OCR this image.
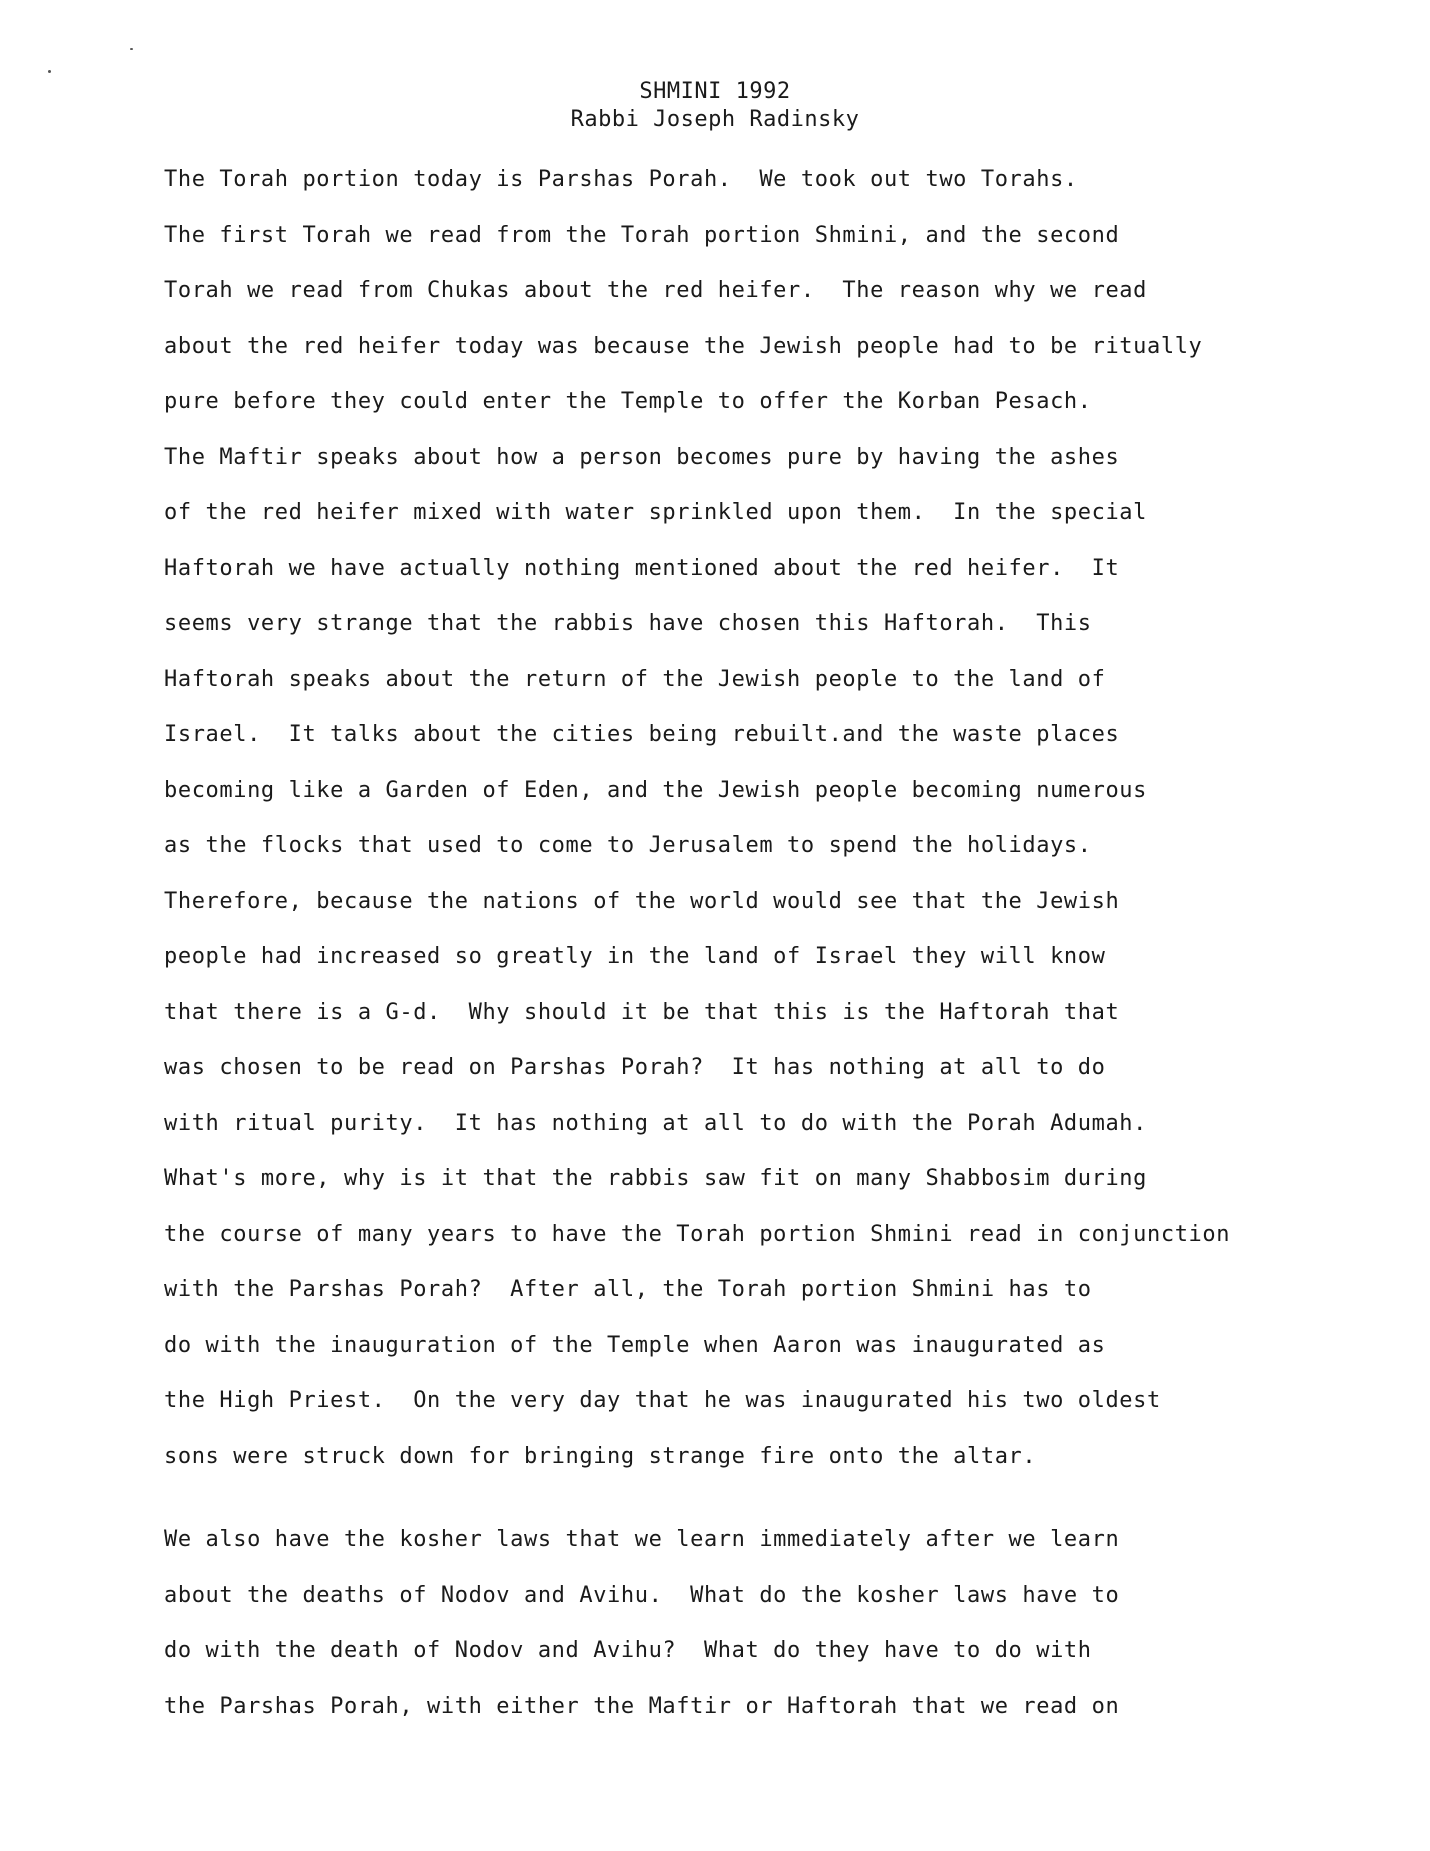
SHMINI 1992
Rabbi Joseph Radinsky
The Torah portion today is Parshas Porah.  We took out two Torahs.
The first Torah we read from the Torah portion Shmini, and the second
Torah we read from Chukas about the red heifer.  The reason why we read
about the red heifer today was because the Jewish people had to be ritually
pure before they could enter the Temple to offer the Korban Pesach.
The Maftir speaks about how a person becomes pure by having the ashes
of the red heifer mixed with water sprinkled upon them.  In the special
Haftorah we have actually nothing mentioned about the red heifer.  It
seems very strange that the rabbis have chosen this Haftorah.  This
Haftorah speaks about the return of the Jewish people to the land of
Israel.  It talks about the cities being rebuilt.and the waste places
becoming like a Garden of Eden, and the Jewish people becoming numerous
as the flocks that used to come to Jerusalem to spend the holidays.
Therefore, because the nations of the world would see that the Jewish
people had increased so greatly in the land of Israel they will know
that there is a G-d.  Why should it be that this is the Haftorah that
was chosen to be read on Parshas Porah?  It has nothing at all to do
with ritual purity.  It has nothing at all to do with the Porah Adumah.
What's more, why is it that the rabbis saw fit on many Shabbosim during
the course of many years to have the Torah portion Shmini read in conjunction
with the Parshas Porah?  After all, the Torah portion Shmini has to
do with the inauguration of the Temple when Aaron was inaugurated as
the High Priest.  On the very day that he was inaugurated his two oldest
sons were struck down for bringing strange fire onto the altar.
We also have the kosher laws that we learn immediately after we learn
about the deaths of Nodov and Avihu.  What do the kosher laws have to
do with the death of Nodov and Avihu?  What do they have to do with
the Parshas Porah, with either the Maftir or Haftorah that we read on
